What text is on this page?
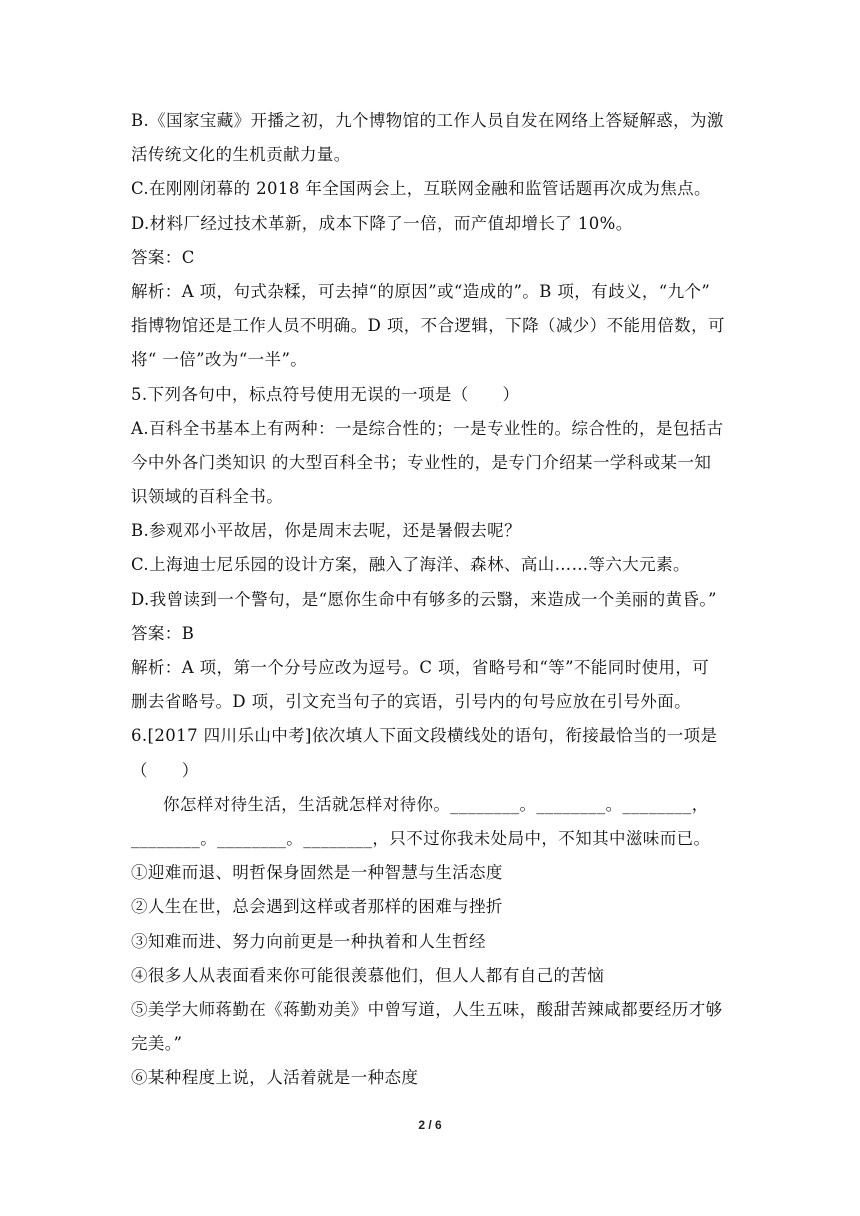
B.《国家宝藏》开播之初，九个博物馆的工作人员自发在网络上答疑解惑，为激
活传统文化的生机贡献力量。
C.在刚刚闭幕的 2018 年全国两会上，互联网金融和监管话题再次成为焦点。
D.材料厂经过技术革新，成本下降了一倍，而产值却增长了 10%。
答案：C
解析：A 项，句式杂糅，可去掉“的原因”或“造成的”。B 项，有歧义，“九个”
指博物馆还是工作人员不明确。D 项，不合逻辑，下降（减少）不能用倍数，可
将“ 一倍”改为“一半”。
5.下列各句中，标点符号使用无误的一项是（　　）
A.百科全书基本上有两种：一是综合性的；一是专业性的。综合性的，是包括古
今中外各门类知识 的大型百科全书；专业性的，是专门介绍某一学科或某一知
识领域的百科全书。
B.参观邓小平故居，你是周末去呢，还是暑假去呢？
C.上海迪士尼乐园的设计方案，融入了海洋、森林、高山……等六大元素。
D.我曾读到一个警句，是“愿你生命中有够多的云翳，来造成一个美丽的黄昏。”
答案：B
解析：A 项，第一个分号应改为逗号。C 项，省略号和“等”不能同时使用，可
删去省略号。D 项，引文充当句子的宾语，引号内的句号应放在引号外面。
6.[2017 四川乐山中考]依次填人下面文段横线处的语句，衔接最恰当的一项是
（　　）
你怎样对待生活，生活就怎样对待你。________。________。________，
________。________。________，只不过你我未处局中，不知其中滋味而已。
①迎难而退、明哲保身固然是一种智慧与生活态度
②人生在世，总会遇到这样或者那样的困难与挫折
③知难而进、努力向前更是一种执着和人生哲经
④很多人从表面看来你可能很羡慕他们，但人人都有自己的苦恼
⑤美学大师蒋勤在《蒋勤劝美》中曾写道，人生五味，酸甜苦辣咸都要经历才够
完美。”
⑥某种程度上说，人活着就是一种态度
2 / 6
